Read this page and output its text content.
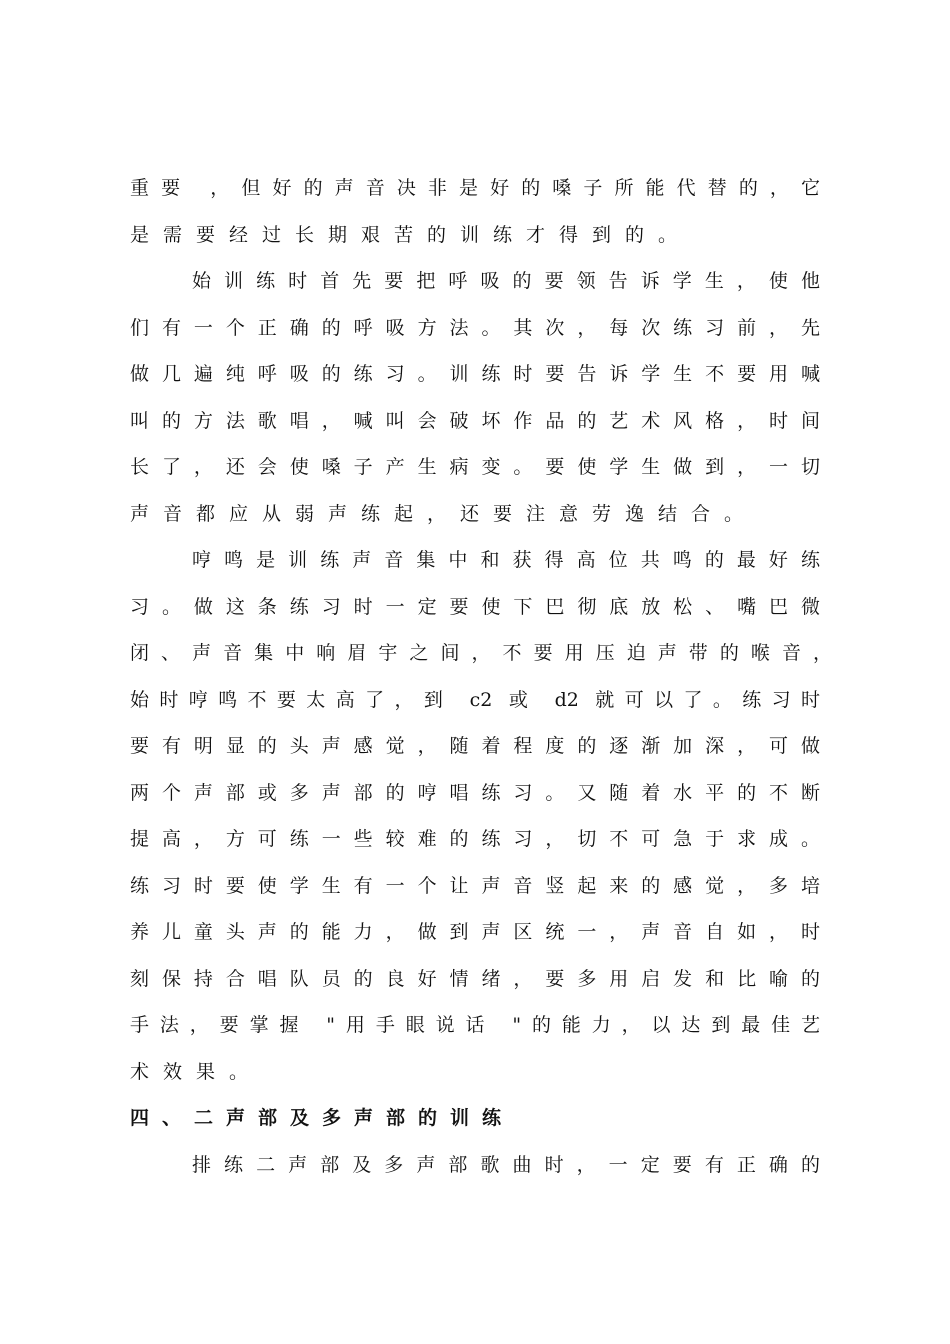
重要 ，但好的声音决非是好的嗓子所能代替的，它
是需要经过长期艰苦的训练才得到的。
始训练时首先要把呼吸的要领告诉学生，使他
们有一个正确的呼吸方法。其次，每次练习前，先
做几遍纯呼吸的练习。训练时要告诉学生不要用喊
叫的方法歌唱，喊叫会破坏作品的艺术风格，时间
长了，还会使嗓子产生病变。要使学生做到，一切
声音都应从弱声练起，还要注意劳逸结合。
哼鸣是训练声音集中和获得高位共鸣的最好练
习。做这条练习时一定要使下巴彻底放松、嘴巴微
闭、声音集中响眉宇之间，不要用压迫声带的喉音，
始时哼鸣不要太高了，到 c2 或 d2 就可以了。练习时
要有明显的头声感觉，随着程度的逐渐加深，可做
两个声部或多声部的哼唱练习。又随着水平的不断
提高，方可练一些较难的练习，切不可急于求成。
练习时要使学生有一个让声音竖起来的感觉，多培
养儿童头声的能力，做到声区统一，声音自如，时
刻保持合唱队员的良好情绪，要多用启发和比喻的
手法，要掌握 "用手眼说话 "的能力，以达到最佳艺
术效果。
四、二声部及多声部的训练
排练二声部及多声部歌曲时，一定要有正确的
